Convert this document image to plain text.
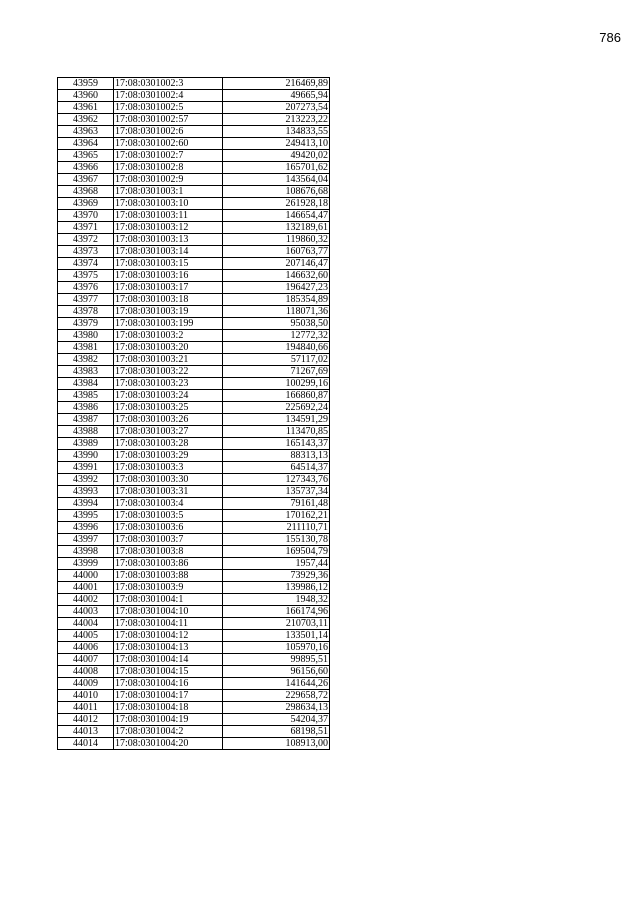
786
43959	17:08:0301002:3	216469,89
43960	17:08:0301002:4	49665,94
43961	17:08:0301002:5	207273,54
43962	17:08:0301002:57	213223,22
43963	17:08:0301002:6	134833,55
43964	17:08:0301002:60	249413,10
43965	17:08:0301002:7	49420,02
43966	17:08:0301002:8	165701,62
43967	17:08:0301002:9	143564,04
43968	17:08:0301003:1	108676,68
43969	17:08:0301003:10	261928,18
43970	17:08:0301003:11	146654,47
43971	17:08:0301003:12	132189,61
43972	17:08:0301003:13	119860,32
43973	17:08:0301003:14	160763,77
43974	17:08:0301003:15	207146,47
43975	17:08:0301003:16	146632,60
43976	17:08:0301003:17	196427,23
43977	17:08:0301003:18	185354,89
43978	17:08:0301003:19	118071,36
43979	17:08:0301003:199	95038,50
43980	17:08:0301003:2	12772,32
43981	17:08:0301003:20	194840,66
43982	17:08:0301003:21	57117,02
43983	17:08:0301003:22	71267,69
43984	17:08:0301003:23	100299,16
43985	17:08:0301003:24	166860,87
43986	17:08:0301003:25	225692,24
43987	17:08:0301003:26	134591,29
43988	17:08:0301003:27	113470,85
43989	17:08:0301003:28	165143,37
43990	17:08:0301003:29	88313,13
43991	17:08:0301003:3	64514,37
43992	17:08:0301003:30	127343,76
43993	17:08:0301003:31	135737,34
43994	17:08:0301003:4	79161,48
43995	17:08:0301003:5	170162,21
43996	17:08:0301003:6	211110,71
43997	17:08:0301003:7	155130,78
43998	17:08:0301003:8	169504,79
43999	17:08:0301003:86	1957,44
44000	17:08:0301003:88	73929,36
44001	17:08:0301003:9	139986,12
44002	17:08:0301004:1	1948,32
44003	17:08:0301004:10	166174,96
44004	17:08:0301004:11	210703,11
44005	17:08:0301004:12	133501,14
44006	17:08:0301004:13	105970,16
44007	17:08:0301004:14	99895,51
44008	17:08:0301004:15	96156,60
44009	17:08:0301004:16	141644,26
44010	17:08:0301004:17	229658,72
44011	17:08:0301004:18	298634,13
44012	17:08:0301004:19	54204,37
44013	17:08:0301004:2	68198,51
44014	17:08:0301004:20	108913,00
